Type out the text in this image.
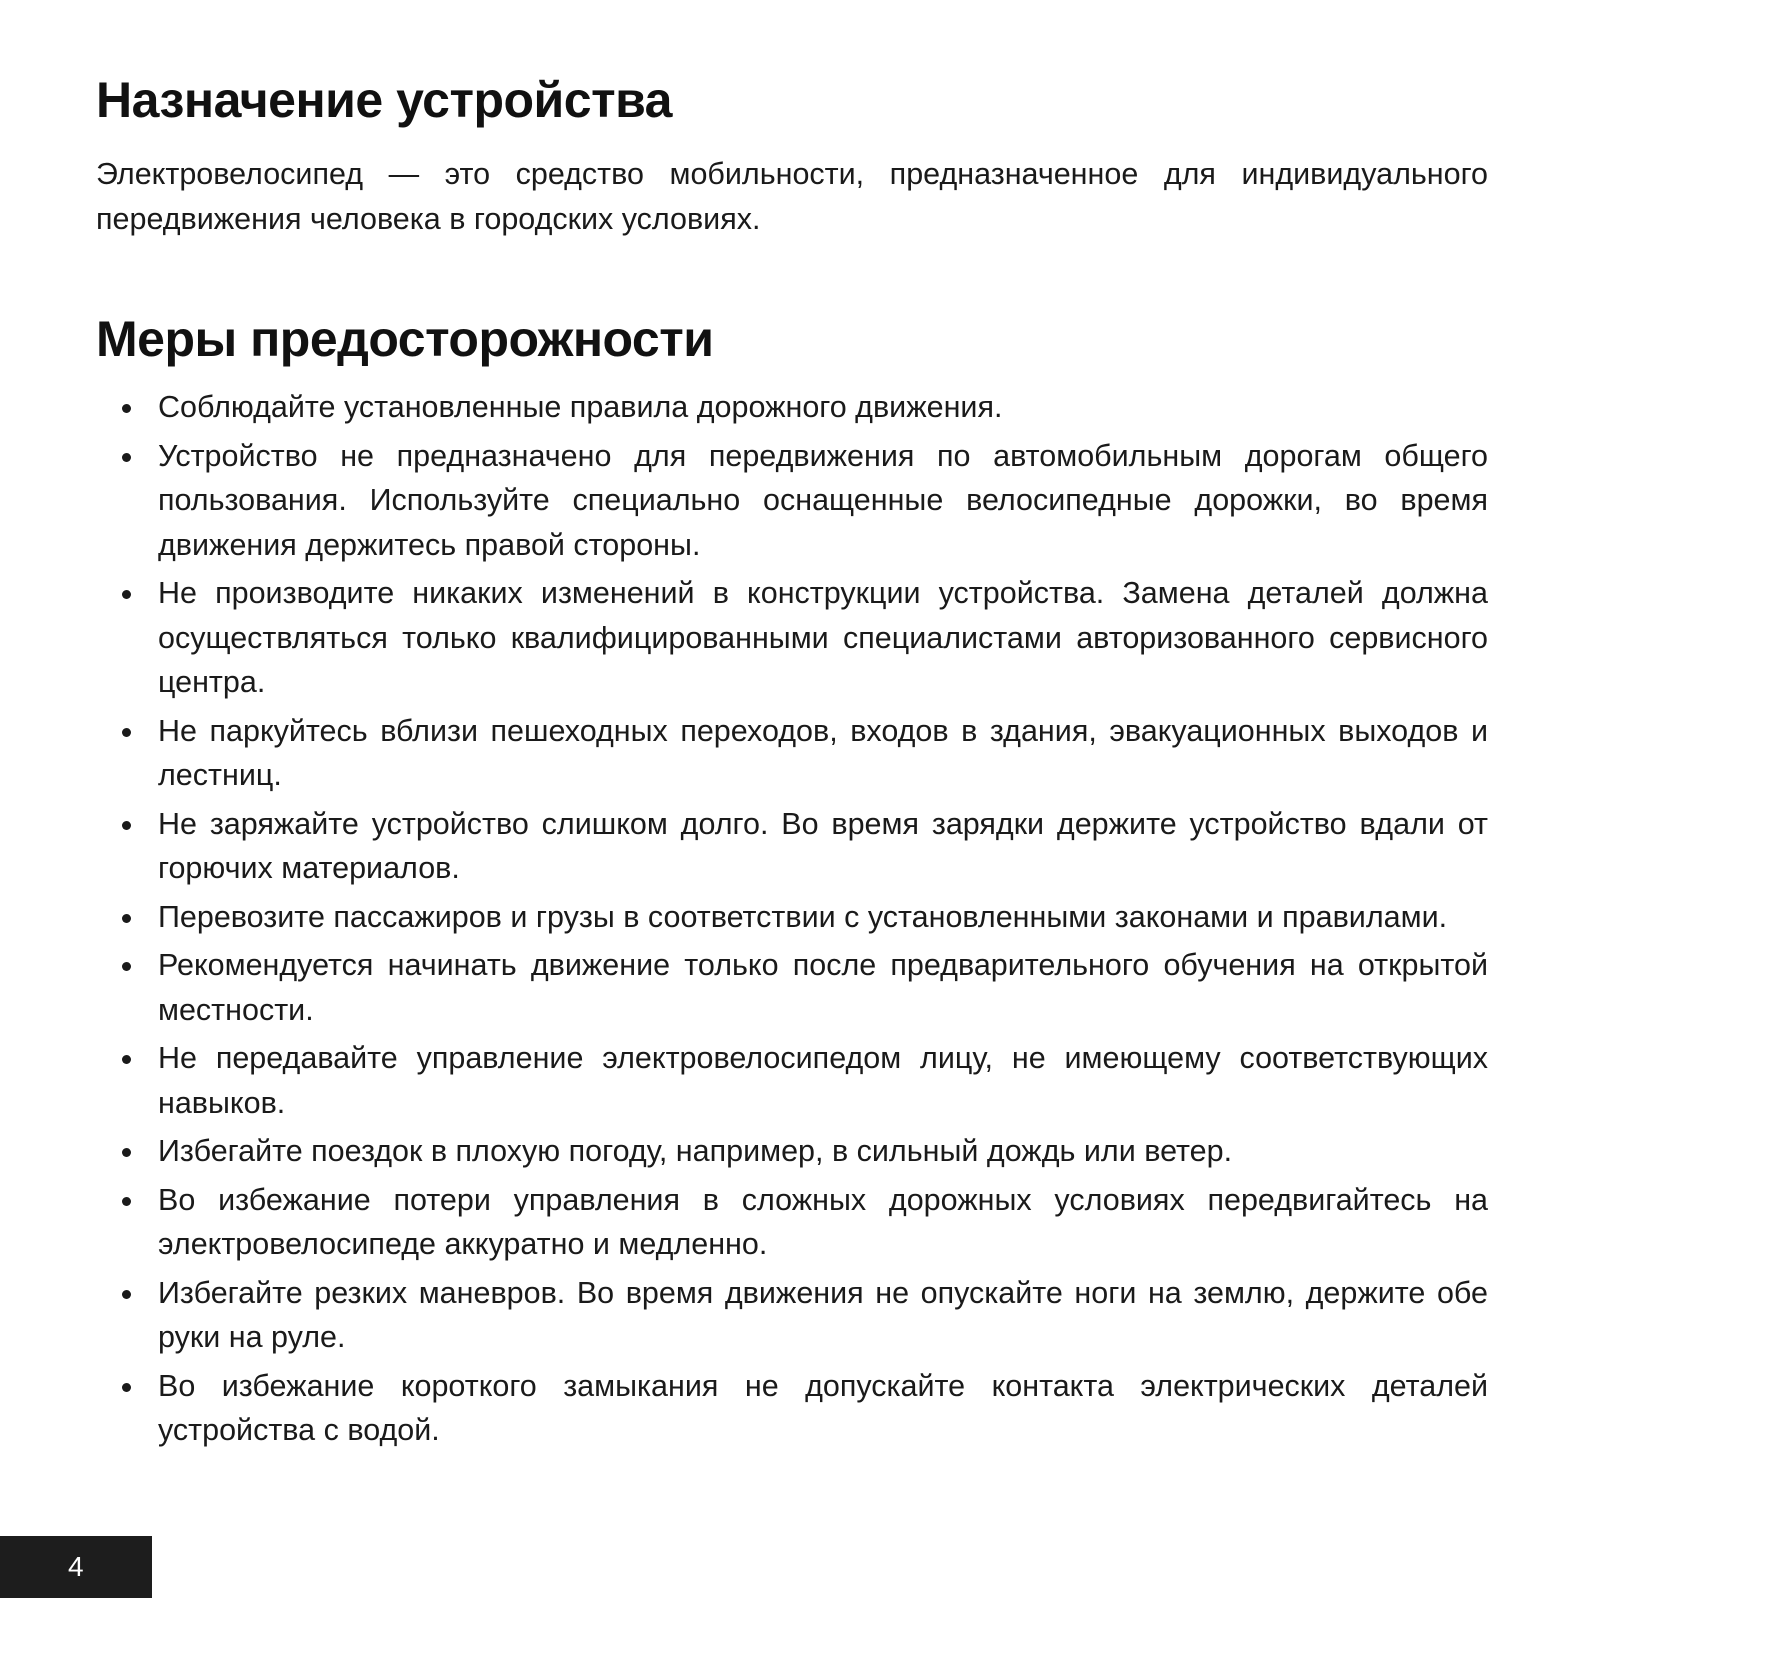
Назначение устройства

Электровелосипед — это средство мобильности, предназначенное для индивидуального передвижения человека в городских условиях.

Меры предосторожности
Соблюдайте установленные правила дорожного движения.
Устройство не предназначено для передвижения по автомобильным дорогам общего пользования. Используйте специально оснащенные велосипедные дорожки, во время движения держитесь правой стороны.
Не производите никаких изменений в конструкции устройства. Замена деталей должна осуществляться только квалифицированными специалистами авторизованного сервисного центра.
Не паркуйтесь вблизи пешеходных переходов, входов в здания, эвакуационных выходов и лестниц.
Не заряжайте устройство слишком долго. Во время зарядки держите устройство вдали от горючих материалов.
Перевозите пассажиров и грузы в соответствии с установленными законами и правилами.
Рекомендуется начинать движение только после предварительного обучения на открытой местности.
Не передавайте управление электровелосипедом лицу, не имеющему соответствующих навыков.
Избегайте поездок в плохую погоду, например, в сильный дождь или ветер.
Во избежание потери управления в сложных дорожных условиях передвигайтесь на электровелосипеде аккуратно и медленно.
Избегайте резких маневров. Во время движения не опускайте ноги на землю, держите обе руки на руле.
Во избежание короткого замыкания не допускайте контакта электрических деталей устройства с водой.
4
